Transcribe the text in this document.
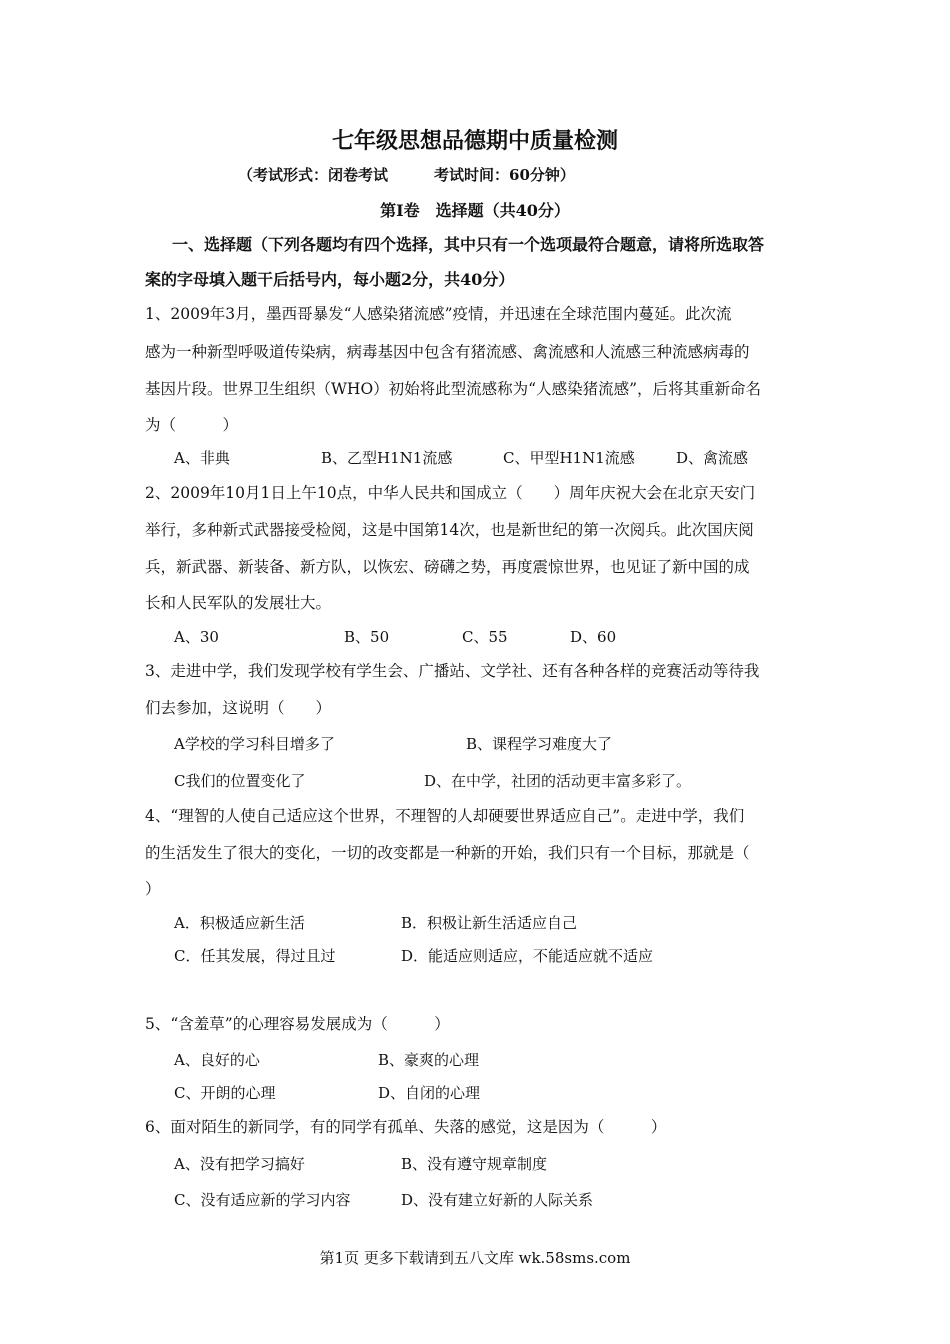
七年级思想品德期中质量检测
（考试形式：闭卷考试	考试时间：60分钟）
第Ⅰ卷　选择题（共40分）
一、选择题（下列各题均有四个选择，其中只有一个选项最符合题意，请将所选取答
案的字母填入题干后括号内，每小题2分，共40分）
1、2009年3月，墨西哥暴发“人感染猪流感”疫情，并迅速在全球范围内蔓延。此次流
感为一种新型呼吸道传染病，病毒基因中包含有猪流感、禽流感和人流感三种流感病毒的
基因片段。世界卫生组织（WHO）初始将此型流感称为“人感染猪流感”，后将其重新命名
为（　　　）
A、非典	B、乙型H1N1流感	C、甲型H1N1流感	D、禽流感
2、2009年10月1日上午10点，中华人民共和国成立（　　）周年庆祝大会在北京天安门
举行，多种新式武器接受检阅，这是中国第14次，也是新世纪的第一次阅兵。此次国庆阅
兵，新武器、新装备、新方队，以恢宏、磅礴之势，再度震惊世界，也见证了新中国的成
长和人民军队的发展壮大。
A、30	B、50	C、55	D、60
3、走进中学，我们发现学校有学生会、广播站、文学社、还有各种各样的竞赛活动等待我
们去参加，这说明（　　）
A学校的学习科目增多了	B、课程学习难度大了
C我们的位置变化了	D、在中学，社团的活动更丰富多彩了。
4、“理智的人使自己适应这个世界，不理智的人却硬要世界适应自己”。走进中学，我们
的生活发生了很大的变化，一切的改变都是一种新的开始，我们只有一个目标，那就是（
）
A．积极适应新生活	B．积极让新生活适应自己
C．任其发展，得过且过	D．能适应则适应，不能适应就不适应
5、“含羞草”的心理容易发展成为（　　　）
A、良好的心	B、豪爽的心理
C、开朗的心理	D、自闭的心理
6、面对陌生的新同学，有的同学有孤单、失落的感觉，这是因为（　　　）
A、没有把学习搞好	B、没有遵守规章制度
C、没有适应新的学习内容	D、没有建立好新的人际关系
第1页 更多下载请到五八文库 wk.58sms.com
